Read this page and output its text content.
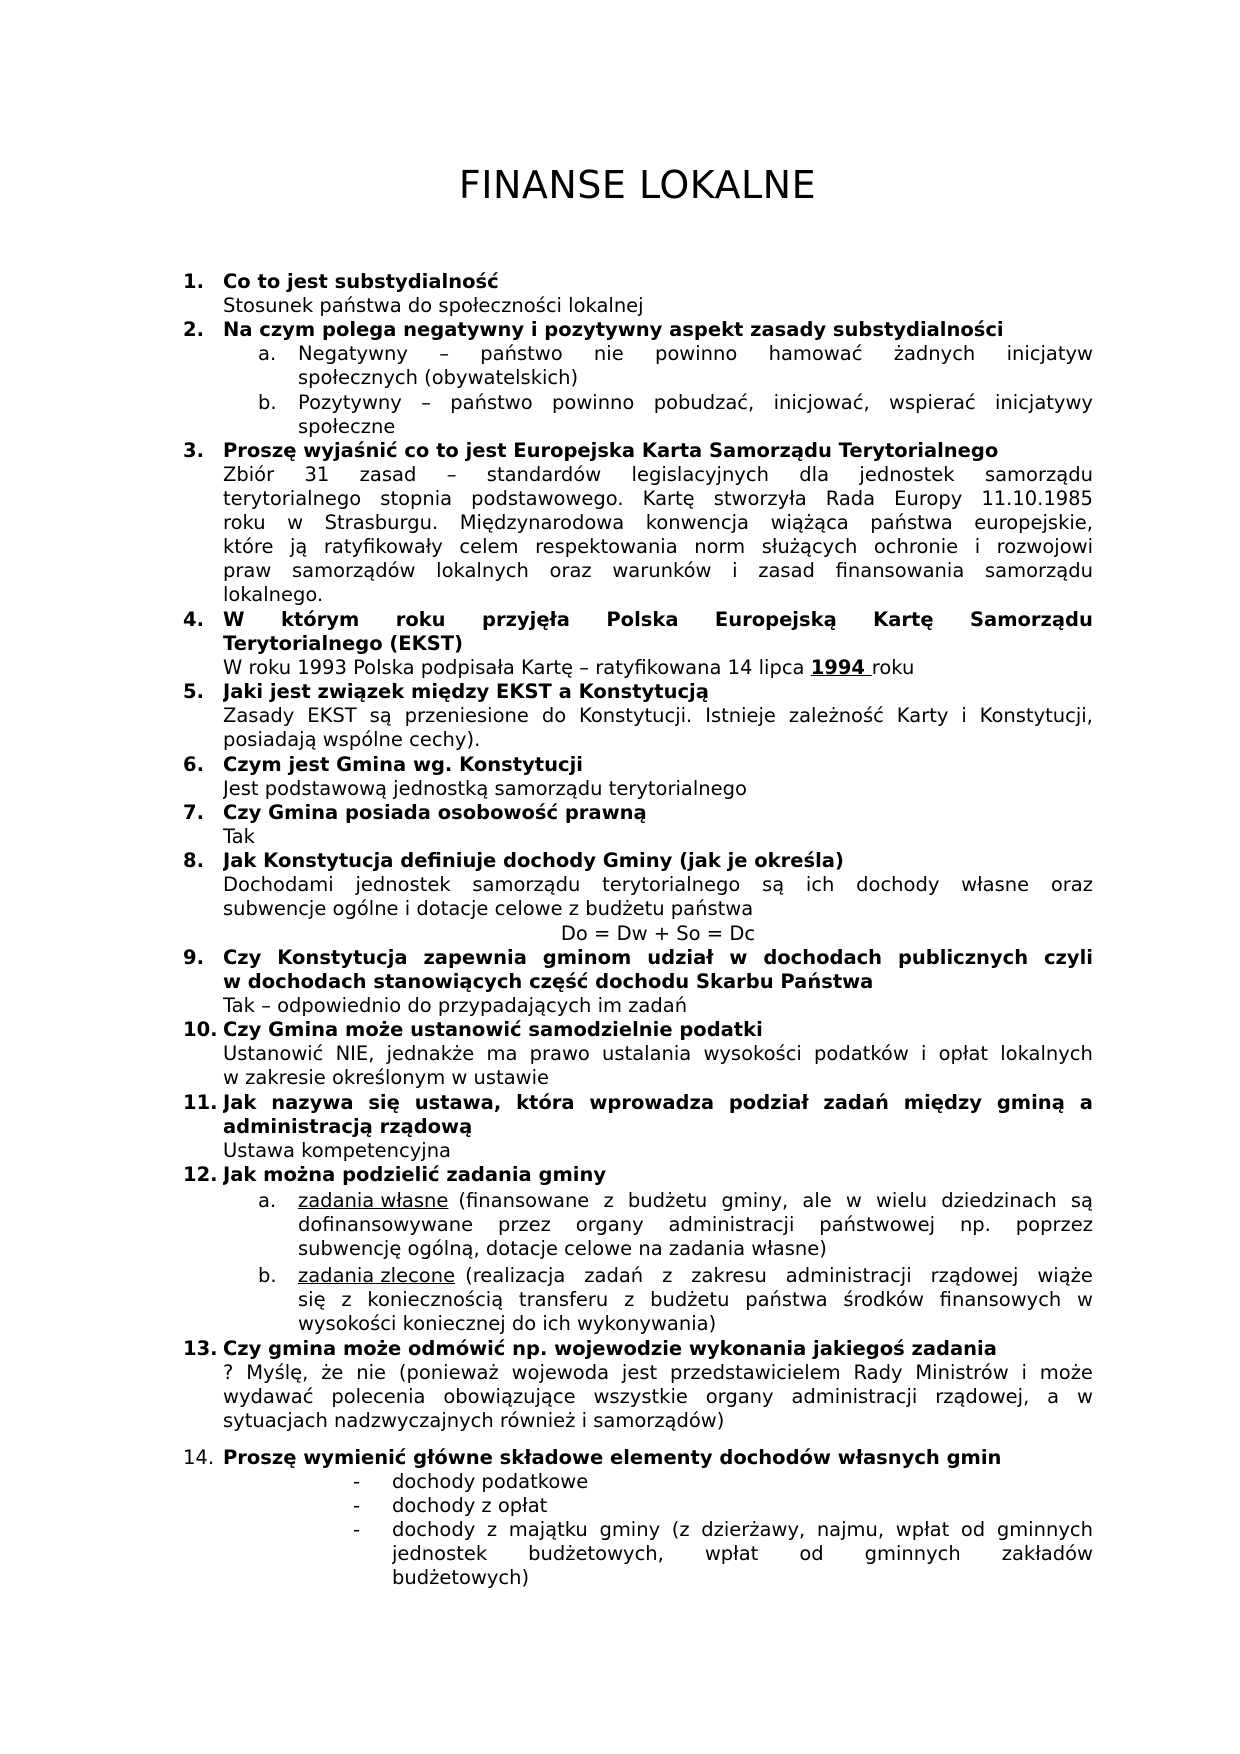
FINANSE LOKALNE
1. Co to jest substydialność
Stosunek państwa do społeczności lokalnej
2. Na czym polega negatywny i pozytywny aspekt zasady substydialności
a. Negatywny – państwo nie powinno hamować żadnych inicjatyw
społecznych (obywatelskich)
b. Pozytywny – państwo powinno pobudzać, inicjować, wspierać inicjatywy
społeczne
3. Proszę wyjaśnić co to jest Europejska Karta Samorządu Terytorialnego
Zbiór 31 zasad – standardów legislacyjnych dla jednostek samorządu
terytorialnego stopnia podstawowego. Kartę stworzyła Rada Europy 11.10.1985
roku w Strasburgu. Międzynarodowa konwencja wiążąca państwa europejskie,
które ją ratyfikowały celem respektowania norm służących ochronie i rozwojowi
praw samorządów lokalnych oraz warunków i zasad finansowania samorządu
lokalnego.
4. W którym roku przyjęła Polska Europejską Kartę Samorządu
Terytorialnego (EKST)
W roku 1993 Polska podpisała Kartę – ratyfikowana 14 lipca 1994 roku
5. Jaki jest związek między EKST a Konstytucją
Zasady EKST są przeniesione do Konstytucji. Istnieje zależność Karty i Konstytucji,
posiadają wspólne cechy).
6. Czym jest Gmina wg. Konstytucji
Jest podstawową jednostką samorządu terytorialnego
7. Czy Gmina posiada osobowość prawną
Tak
8. Jak Konstytucja definiuje dochody Gminy (jak je określa)
Dochodami jednostek samorządu terytorialnego są ich dochody własne oraz
subwencje ogólne i dotacje celowe z budżetu państwa
Do = Dw + So = Dc
9. Czy Konstytucja zapewnia gminom udział w dochodach publicznych czyli
w dochodach stanowiących część dochodu Skarbu Państwa
Tak – odpowiednio do przypadających im zadań
10. Czy Gmina może ustanowić samodzielnie podatki
Ustanowić NIE, jednakże ma prawo ustalania wysokości podatków i opłat lokalnych
w zakresie określonym w ustawie
11. Jak nazywa się ustawa, która wprowadza podział zadań między gminą a
administracją rządową
Ustawa kompetencyjna
12. Jak można podzielić zadania gminy
a. zadania własne (finansowane z budżetu gminy, ale w wielu dziedzinach są
dofinansowywane przez organy administracji państwowej np. poprzez
subwencję ogólną, dotacje celowe na zadania własne)
b. zadania zlecone (realizacja zadań z zakresu administracji rządowej wiąże
się z koniecznością transferu z budżetu państwa środków finansowych w
wysokości koniecznej do ich wykonywania)
13. Czy gmina może odmówić np. wojewodzie wykonania jakiegoś zadania
? Myślę, że nie (ponieważ wojewoda jest przedstawicielem Rady Ministrów i może
wydawać polecenia obowiązujące wszystkie organy administracji rządowej, a w
sytuacjach nadzwyczajnych również i samorządów)
14. Proszę wymienić główne składowe elementy dochodów własnych gmin
- dochody podatkowe
- dochody z opłat
- dochody z majątku gminy (z dzierżawy, najmu, wpłat od gminnych
jednostek budżetowych, wpłat od gminnych zakładów
budżetowych)
